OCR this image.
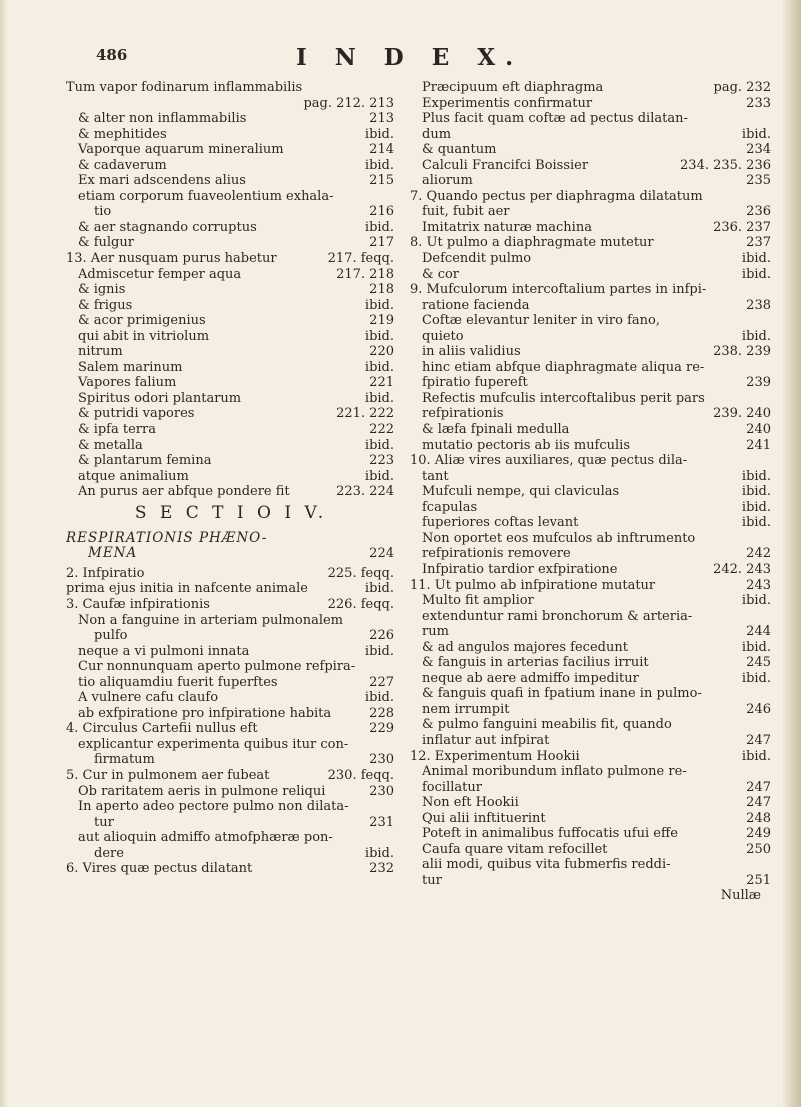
486	I N D E X.
Tum vapor fodinarum inflammabilis
pag. 212. 213
& alter non inflammabilis	213
& mephitides	ibid.
Vaporque aquarum mineralium	214
& cadaverum	ibid.
Ex mari adscendens alius	215
etiam corporum fuaveolentium exhala-
tio	216
& aer stagnando corruptus	ibid.
& fulgur	217
13. Aer nusquam purus habetur	217. feqq.
Admiscetur femper aqua	217. 218
& ignis	218
& frigus	ibid.
& acor primigenius	219
qui abit in vitriolum	ibid.
nitrum	220
Salem marinum	ibid.
Vapores falium	221
Spiritus odori plantarum	ibid.
& putridi vapores	221. 222
& ipfa terra	222
& metalla	ibid.
& plantarum femina	223
atque animalium	ibid.
An purus aer abfque pondere fit	223. 224
S E C T I O I V.
RESPIRATIONIS PHÆNO-
MENA	224
2. Infpiratio	225. feqq.
prima ejus initia in nafcente animale	ibid.
3. Caufæ infpirationis	226. feqq.
Non a fanguine in arteriam pulmonalem
pulfo	226
neque a vi pulmoni innata	ibid.
Cur nonnunquam aperto pulmone refpira-
tio aliquamdiu fuerit fuperftes	227
A vulnere cafu claufo	ibid.
ab exfpiratione pro infpiratione habita	228
4. Circulus Cartefii nullus eft	229
explicantur experimenta quibus itur con-
firmatum	230
5. Cur in pulmonem aer fubeat	230. feqq.
Ob raritatem aeris in pulmone reliqui	230
In aperto adeo pectore pulmo non dilata-
tur	231
aut alioquin admiffo atmofphæræ pon-
dere	ibid.
6. Vires quæ pectus dilatant	232
Præcipuum eft diaphragma	pag. 232
Experimentis confirmatur	233
Plus facit quam coftæ ad pectus dilatan-
dum	ibid.
& quantum	234
Calculi Francifci Boissier	234. 235. 236
aliorum	235
7. Quando pectus per diaphragma dilatatum
fuit, fubit aer	236
Imitatrix naturæ machina	236. 237
8. Ut pulmo a diaphragmate mutetur	237
Defcendit pulmo	ibid.
& cor	ibid.
9. Mufculorum intercoftalium partes in infpi-
ratione facienda	238
Coftæ elevantur leniter in viro fano,
quieto	ibid.
in aliis validius	238. 239
hinc etiam abfque diaphragmate aliqua re-
fpiratio fupereft	239
Refectis mufculis intercoftalibus perit pars
refpirationis	239. 240
& læfa fpinali medulla	240
mutatio pectoris ab iis mufculis	241
10. Aliæ vires auxiliares, quæ pectus dila-
tant	ibid.
Mufculi nempe, qui claviculas	ibid.
fcapulas	ibid.
fuperiores coftas levant	ibid.
Non oportet eos mufculos ab inftrumento
refpirationis removere	242
Infpiratio tardior exfpiratione	242. 243
11. Ut pulmo ab infpiratione mutatur	243
Multo fit amplior	ibid.
extenduntur rami bronchorum & arteria-
rum	244
& ad angulos majores fecedunt	ibid.
& fanguis in arterias facilius irruit	245
neque ab aere admiffo impeditur	ibid.
& fanguis quafi in fpatium inane in pulmo-
nem irrumpit	246
& pulmo fanguini meabilis fit, quando
inflatur aut infpirat	247
12. Experimentum Hookii	ibid.
Animal moribundum inflato pulmone re-
focillatur	247
Non eft Hookii	247
Qui alii inftituerint	248
Poteft in animalibus fuffocatis ufui effe	249
Caufa quare vitam refocillet	250
alii modi, quibus vita fubmerfis reddi-
tur	251
Nullæ
